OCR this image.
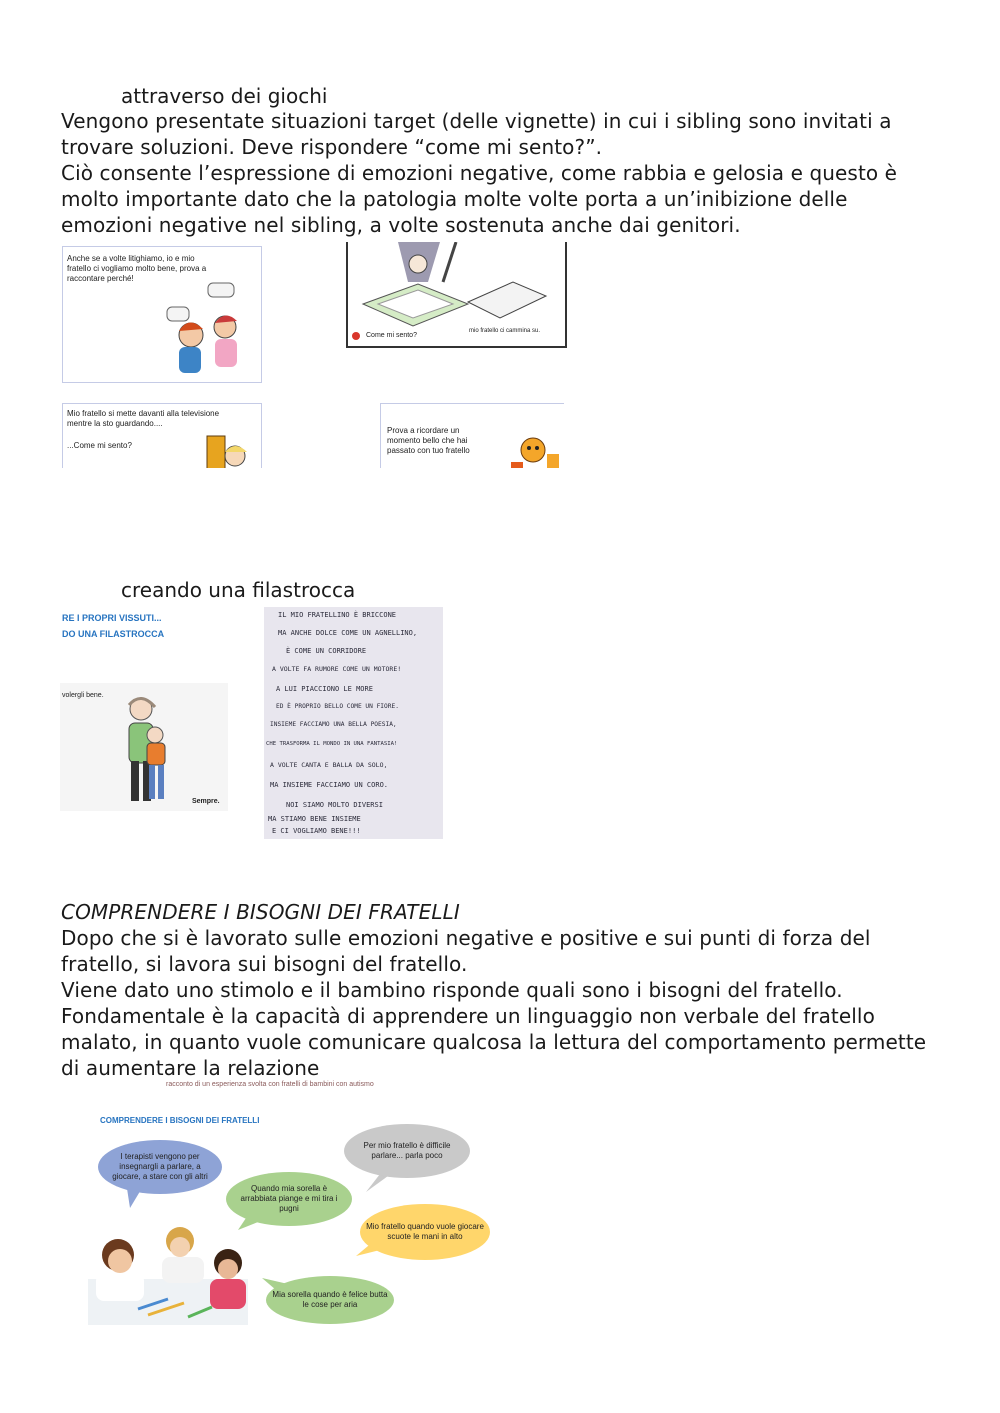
attraverso dei giochi
Vengono presentate situazioni target (delle vignette) in cui i sibling sono invitati a trovare soluzioni. Deve rispondere “come mi sento?”.
Ciò consente l’espressione di emozioni negative, come rabbia e gelosia e questo è molto importante dato che la patologia molte volte porta a un’inibizione delle emozioni negative nel sibling, a volte sostenuta anche dai genitori.
Anche se a volte litighiamo, io e mio fratello ci vogliamo molto bene, prova a raccontare perché!
mio fratello ci cammina su.
Come mi sento?
Mio fratello si mette davanti alla televisione mentre la sto guardando....
...Come mi sento?
Prova a ricordare un momento bello che hai passato con tuo fratello
creando una filastrocca
RE I PROPRI VISSUTI...
DO UNA FILASTROCCA
volergli bene.
Sempre.
IL MIO FRATELLINO È BRICCONE
MA ANCHE DOLCE COME UN AGNELLINO,
È COME UN CORRIDORE
A VOLTE FA RUMORE COME UN MOTORE!
A LUI PIACCIONO LE MORE
ED È PROPRIO BELLO COME UN FIORE.
INSIEME FACCIAMO UNA BELLA POESIA,
CHE TRASFORMA IL MONDO IN UNA FANTASIA!
A VOLTE CANTA E BALLA DA SOLO,
MA INSIEME FACCIAMO UN CORO.
NOI SIAMO MOLTO DIVERSI
MA STIAMO BENE INSIEME
E CI VOGLIAMO BENE!!!
COMPRENDERE I BISOGNI DEI FRATELLI
Dopo che si è lavorato sulle emozioni negative e positive e sui punti di forza del fratello, si lavora sui bisogni del fratello.
Viene dato uno stimolo e il bambino risponde quali sono i bisogni del fratello.
Fondamentale è la capacità di apprendere un linguaggio non verbale del fratello malato, in quanto vuole comunicare qualcosa la lettura del comportamento permette di aumentare la relazione
racconto di un esperienza svolta con fratelli di bambini con autismo
COMPRENDERE I BISOGNI DEI FRATELLI
I terapisti vengono per insegnargli a parlare, a giocare, a stare con gli altri
Per mio fratello è difficile parlare... parla poco
Quando mia sorella è arrabbiata piange e mi tira i pugni
Mio fratello quando vuole giocare scuote le mani in alto
Mia sorella quando è felice butta le cose per aria
